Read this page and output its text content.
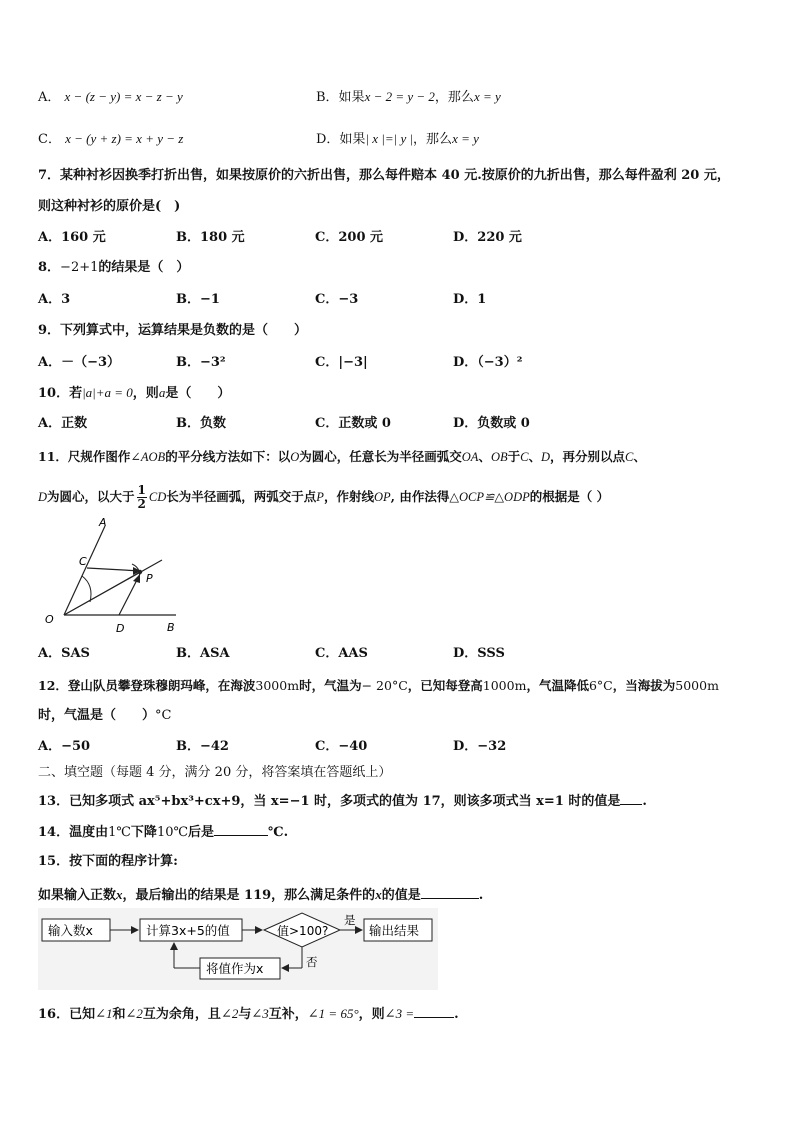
A． x − (z − y) = x − z − y	B．如果x − 2 = y − 2，那么x = y
C． x − (y + z) = x + y − z	D．如果| x |=| y |，那么x = y
7．某种衬衫因换季打折出售，如果按原价的六折出售，那么每件赔本 40 元.按原价的九折出售，那么每件盈利 20 元，
则这种衬衫的原价是(　)
A．160 元	B．180 元	C．200 元	D．220 元
8．−2+1的结果是（　）
A．3	B．−1	C．−3	D．1
9．下列算式中，运算结果是负数的是（　　）
A．－（−3）	B．−3²	C．|−3|	D．（−3）²
10．若|a|+a = 0，则a是（　　）
A．正数	B．负数	C．正数或 0	D．负数或 0
11．尺规作图作∠AOB的平分线方法如下：以O为圆心，任意长为半径画弧交OA、OB于C、D，再分别以点C、
D为圆心，以大于 $\frac{1}{2}$ CD长为半径画弧，两弧交于点P，作射线OP, 由作法得△OCP≌△ODP的根据是（ ）
A
C
P
O
D	B
A．SAS	B．ASA	C．AAS	D．SSS
12．登山队员攀登珠穆朗玛峰，在海波3000m时，气温为− 20°C，已知每登高1000m，气温降低6°C，当海拔为5000m
时，气温是（　　）°C
A．−50	B．−42	C．−40	D．−32
二、填空题（每题 4 分，满分 20 分，将答案填在答题纸上）
13．已知多项式 ax⁵+bx³+cx+9，当 x=−1 时，多项式的值为 17，则该多项式当 x=1 时的值是 .
14．温度由1℃下降10℃后是	℃.
15．按下面的程序计算:
如果输入正数x，最后输出的结果是 119，那么满足条件的x的值是	.
输入数x	计算3x+5的值	值>100?
是
输出结果
否
将值作为x
16．已知∠1和∠2互为余角，且∠2与∠3互补，∠1 = 65°，则∠3 =	.
